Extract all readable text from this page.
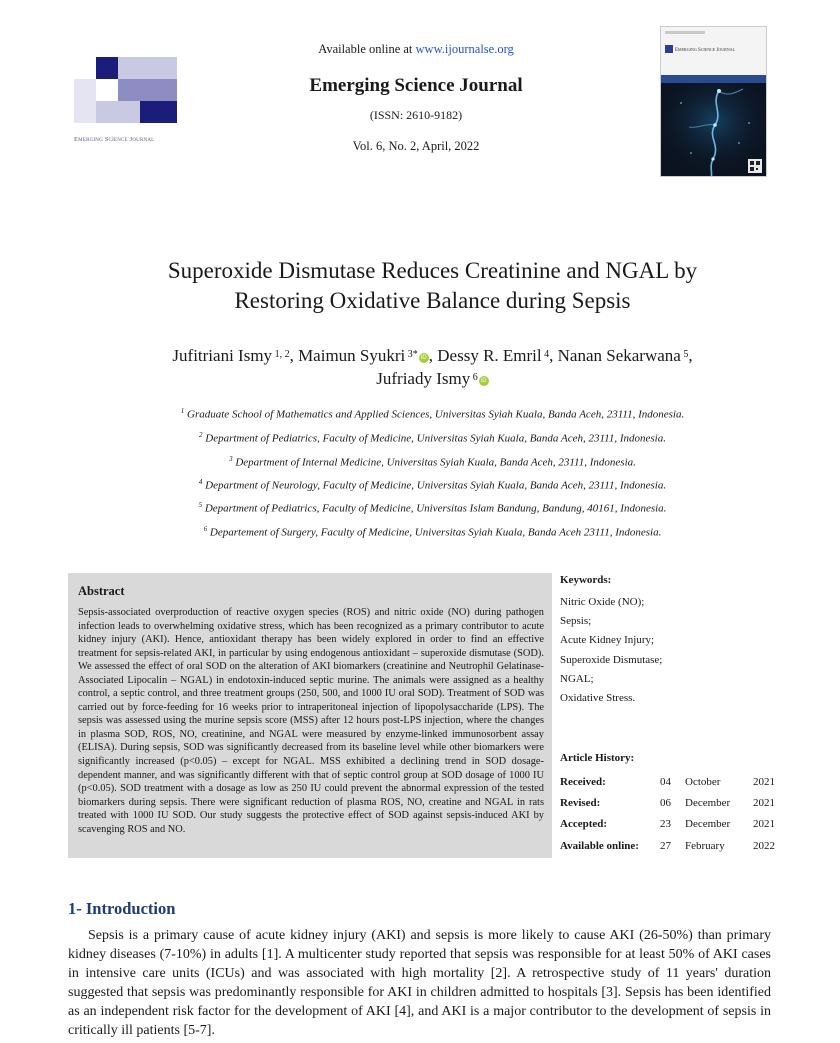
Emerging Science Journal
Available online at www.ijournalse.org
Emerging Science Journal
(ISSN: 2610-9182)
Vol. 6, No. 2, April, 2022
Emerging Science Journal
Superoxide Dismutase Reduces Creatinine and NGAL by
Restoring Oxidative Balance during Sepsis
Jufitriani Ismy $^{1, 2}$, Maimun Syukri $^{3*}$ iD , Dessy R. Emril $^4$, Nanan Sekarwana $^5$,
Jufriady Ismy $^6$ iD
$^1$ Graduate School of Mathematics and Applied Sciences, Universitas Syiah Kuala, Banda Aceh, 23111, Indonesia.
$^2$ Department of Pediatrics, Faculty of Medicine, Universitas Syiah Kuala, Banda Aceh, 23111, Indonesia.
$^3$ Department of Internal Medicine, Universitas Syiah Kuala, Banda Aceh, 23111, Indonesia.
$^4$ Department of Neurology, Faculty of Medicine, Universitas Syiah Kuala, Banda Aceh, 23111, Indonesia.
$^5$ Department of Pediatrics, Faculty of Medicine, Universitas Islam Bandung, Bandung, 40161, Indonesia.
$^6$ Departement of Surgery, Faculty of Medicine, Universitas Syiah Kuala, Banda Aceh 23111, Indonesia.
Abstract
Sepsis-associated overproduction of reactive oxygen species (ROS) and nitric oxide (NO) during pathogen infection leads to overwhelming oxidative stress, which has been recognized as a primary contributor to acute kidney injury (AKI). Hence, antioxidant therapy has been widely explored in order to find an effective treatment for sepsis-related AKI, in particular by using endogenous antioxidant – superoxide dismutase (SOD). We assessed the effect of oral SOD on the alteration of AKI biomarkers (creatinine and Neutrophil Gelatinase-Associated Lipocalin – NGAL) in endotoxin-induced septic murine. The animals were assigned as a healthy control, a septic control, and three treatment groups (250, 500, and 1000 IU oral SOD). Treatment of SOD was carried out by force-feeding for 16 weeks prior to intraperitoneal injection of lipopolysaccharide (LPS). The sepsis was assessed using the murine sepsis score (MSS) after 12 hours post-LPS injection, where the changes in plasma SOD, ROS, NO, creatinine, and NGAL were measured by enzyme-linked immunosorbent assay (ELISA). During sepsis, SOD was significantly decreased from its baseline level while other biomarkers were significantly increased (p<0.05) – except for NGAL. MSS exhibited a declining trend in SOD dosage-dependent manner, and was significantly different with that of septic control group at SOD dosage of 1000 IU (p<0.05). SOD treatment with a dosage as low as 250 IU could prevent the abnormal expression of the tested biomarkers during sepsis. There were significant reduction of plasma ROS, NO, creatine and NGAL in rats treated with 1000 IU SOD. Our study suggests the protective effect of SOD against sepsis-induced AKI by scavenging ROS and NO.
Keywords:
Nitric Oxide (NO);
Sepsis;
Acute Kidney Injury;
Superoxide Dismutase;
NGAL;
Oxidative Stress.
Article History:
Received:	04 October	2021
Revised:	06 December 2021
Accepted:	23 December 2021
Available online: 27 February	2022
1- Introduction
Sepsis is a primary cause of acute kidney injury (AKI) and sepsis is more likely to cause AKI (26-50%) than primary kidney diseases (7-10%) in adults [1]. A multicenter study reported that sepsis was responsible for at least 50% of AKI cases in intensive care units (ICUs) and was associated with high mortality [2]. A retrospective study of 11 years' duration suggested that sepsis was predominantly responsible for AKI in children admitted to hospitals [3]. Sepsis has been identified as an independent risk factor for the development of AKI [4], and AKI is a major contributor to the development of sepsis in critically ill patients [5-7].
